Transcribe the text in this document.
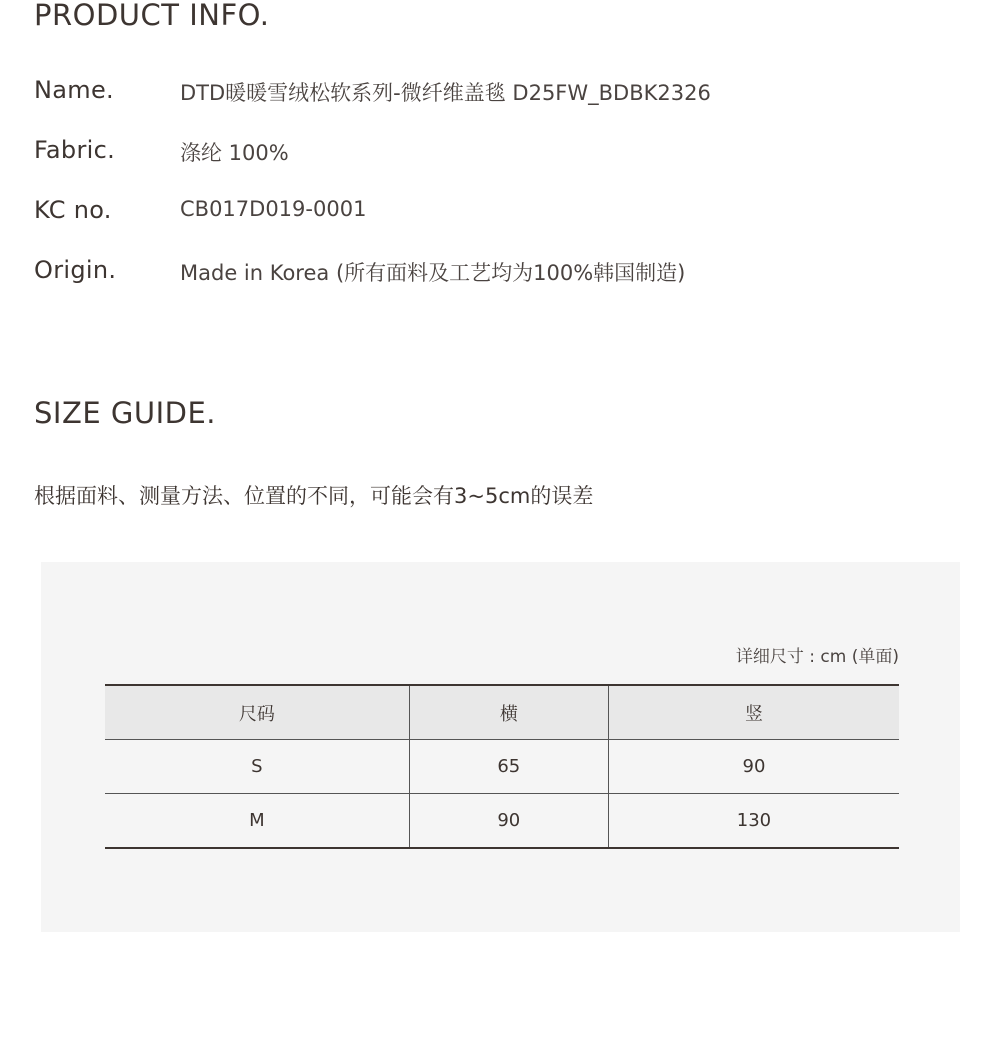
PRODUCT INFO.
Name.	DTD暖暖雪绒松软系列-微纤维盖毯 D25FW_BDBK2326
Fabric.	涤纶 100%
KC no.	CB017D019-0001
Origin.	Made in Korea (所有面料及工艺均为100%韩国制造)
SIZE GUIDE.
根据面料、测量方法、位置的不同，可能会有3~5cm的误差
详细尺寸 : cm (单面)
尺码	横	竖
S	65	90
M	90	130
